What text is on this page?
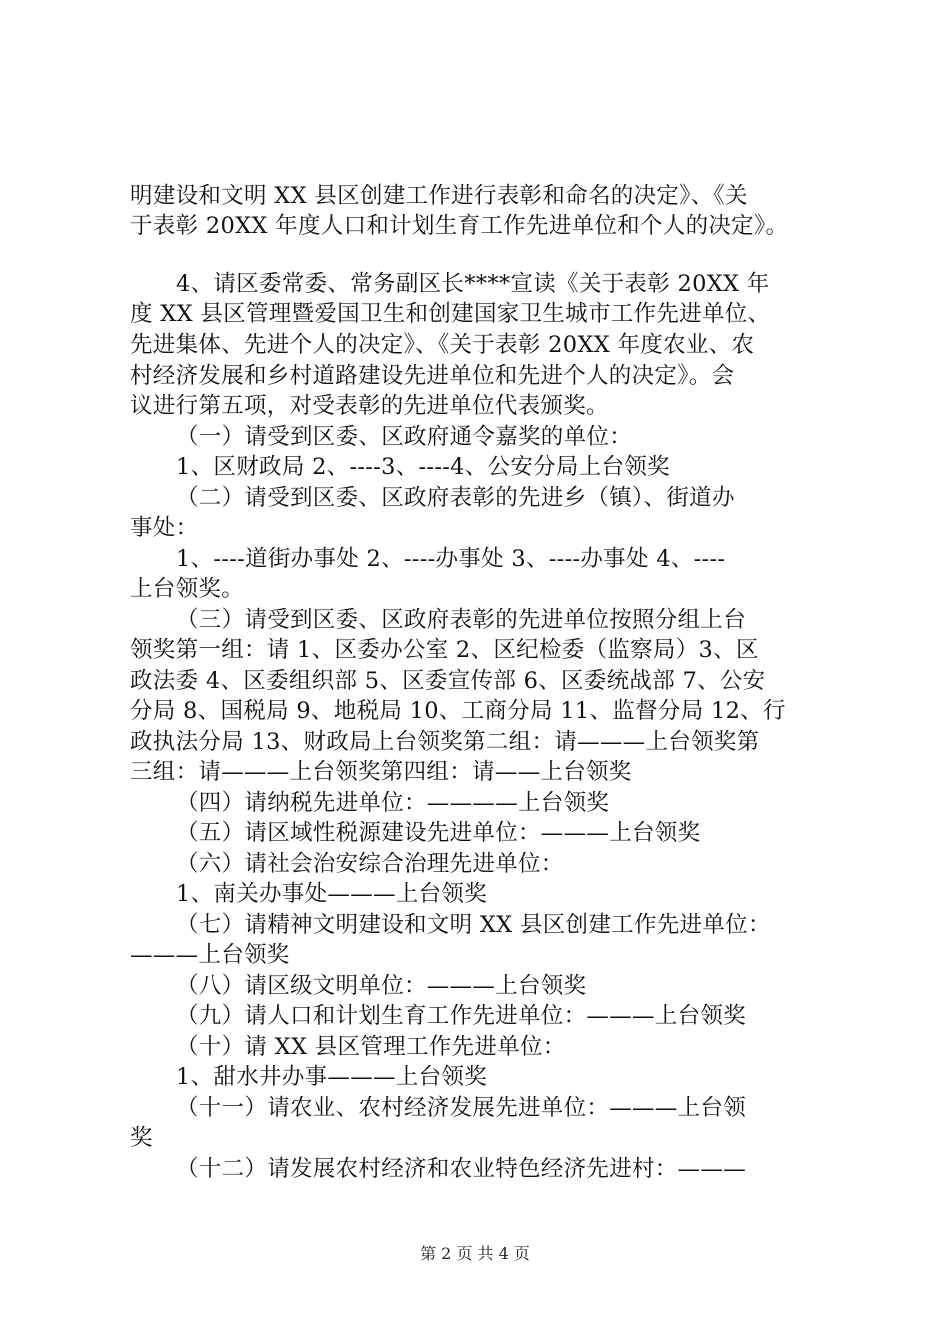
明建设和文明 XX 县区创建工作进行表彰和命名的决定》、《关
于表彰 20XX 年度人口和计划生育工作先进单位和个人的决定》。
4、请区委常委、常务副区长****宣读《关于表彰 20XX 年
度 XX 县区管理暨爱国卫生和创建国家卫生城市工作先进单位、
先进集体、先进个人的决定》、《关于表彰 20XX 年度农业、农
村经济发展和乡村道路建设先进单位和先进个人的决定》。会
议进行第五项，对受表彰的先进单位代表颁奖。
（一）请受到区委、区政府通令嘉奖的单位：
1、区财政局 2、----3、----4、公安分局上台领奖
（二）请受到区委、区政府表彰的先进乡（镇）、街道办
事处：
1、----道街办事处 2、----办事处 3、----办事处 4、----
上台领奖。
（三）请受到区委、区政府表彰的先进单位按照分组上台
领奖第一组：请 1、区委办公室 2、区纪检委（监察局）3、区
政法委 4、区委组织部 5、区委宣传部 6、区委统战部 7、公安
分局 8、国税局 9、地税局 10、工商分局 11、监督分局 12、行
政执法分局 13、财政局上台领奖第二组：请———上台领奖第
三组：请———上台领奖第四组：请——上台领奖
（四）请纳税先进单位：————上台领奖
（五）请区域性税源建设先进单位：———上台领奖
（六）请社会治安综合治理先进单位：
1、南关办事处———上台领奖
（七）请精神文明建设和文明 XX 县区创建工作先进单位：
———上台领奖
（八）请区级文明单位：———上台领奖
（九）请人口和计划生育工作先进单位：———上台领奖
（十）请 XX 县区管理工作先进单位：
1、甜水井办事———上台领奖
（十一）请农业、农村经济发展先进单位：———上台领
奖
（十二）请发展农村经济和农业特色经济先进村：———
第 2 页 共 4 页
